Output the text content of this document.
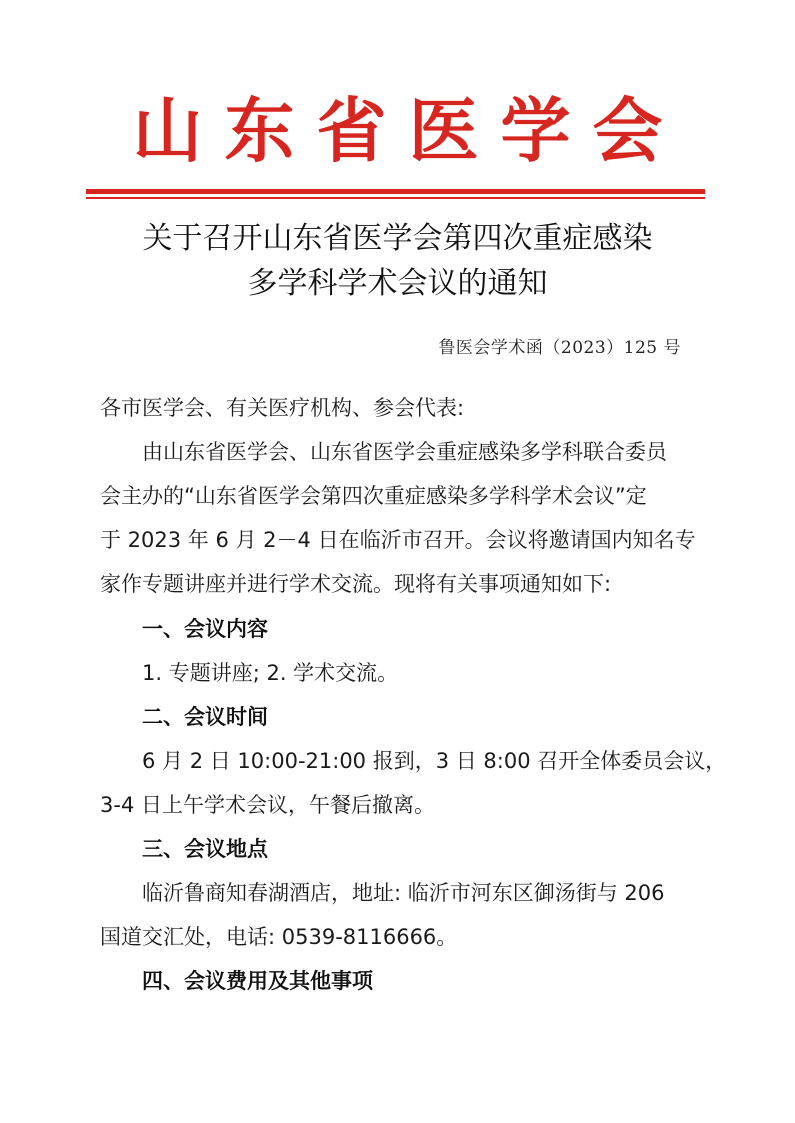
山东省医学会
关于召开山东省医学会第四次重症感染
多学科学术会议的通知
鲁医会学术函（2023）125 号
各市医学会、有关医疗机构、参会代表:
由山东省医学会、山东省医学会重症感染多学科联合委员
会主办的“山东省医学会第四次重症感染多学科学术会议”定
于 2023 年 6 月 2－4 日在临沂市召开。会议将邀请国内知名专
家作专题讲座并进行学术交流。现将有关事项通知如下:
一、会议内容
1. 专题讲座; 2. 学术交流。
二、会议时间
6 月 2 日 10:00-21:00 报到，3 日 8:00 召开全体委员会议，
3-4 日上午学术会议，午餐后撤离。
三、会议地点
临沂鲁商知春湖酒店，地址: 临沂市河东区御汤街与 206
国道交汇处，电话: 0539-8116666。
四、会议费用及其他事项
